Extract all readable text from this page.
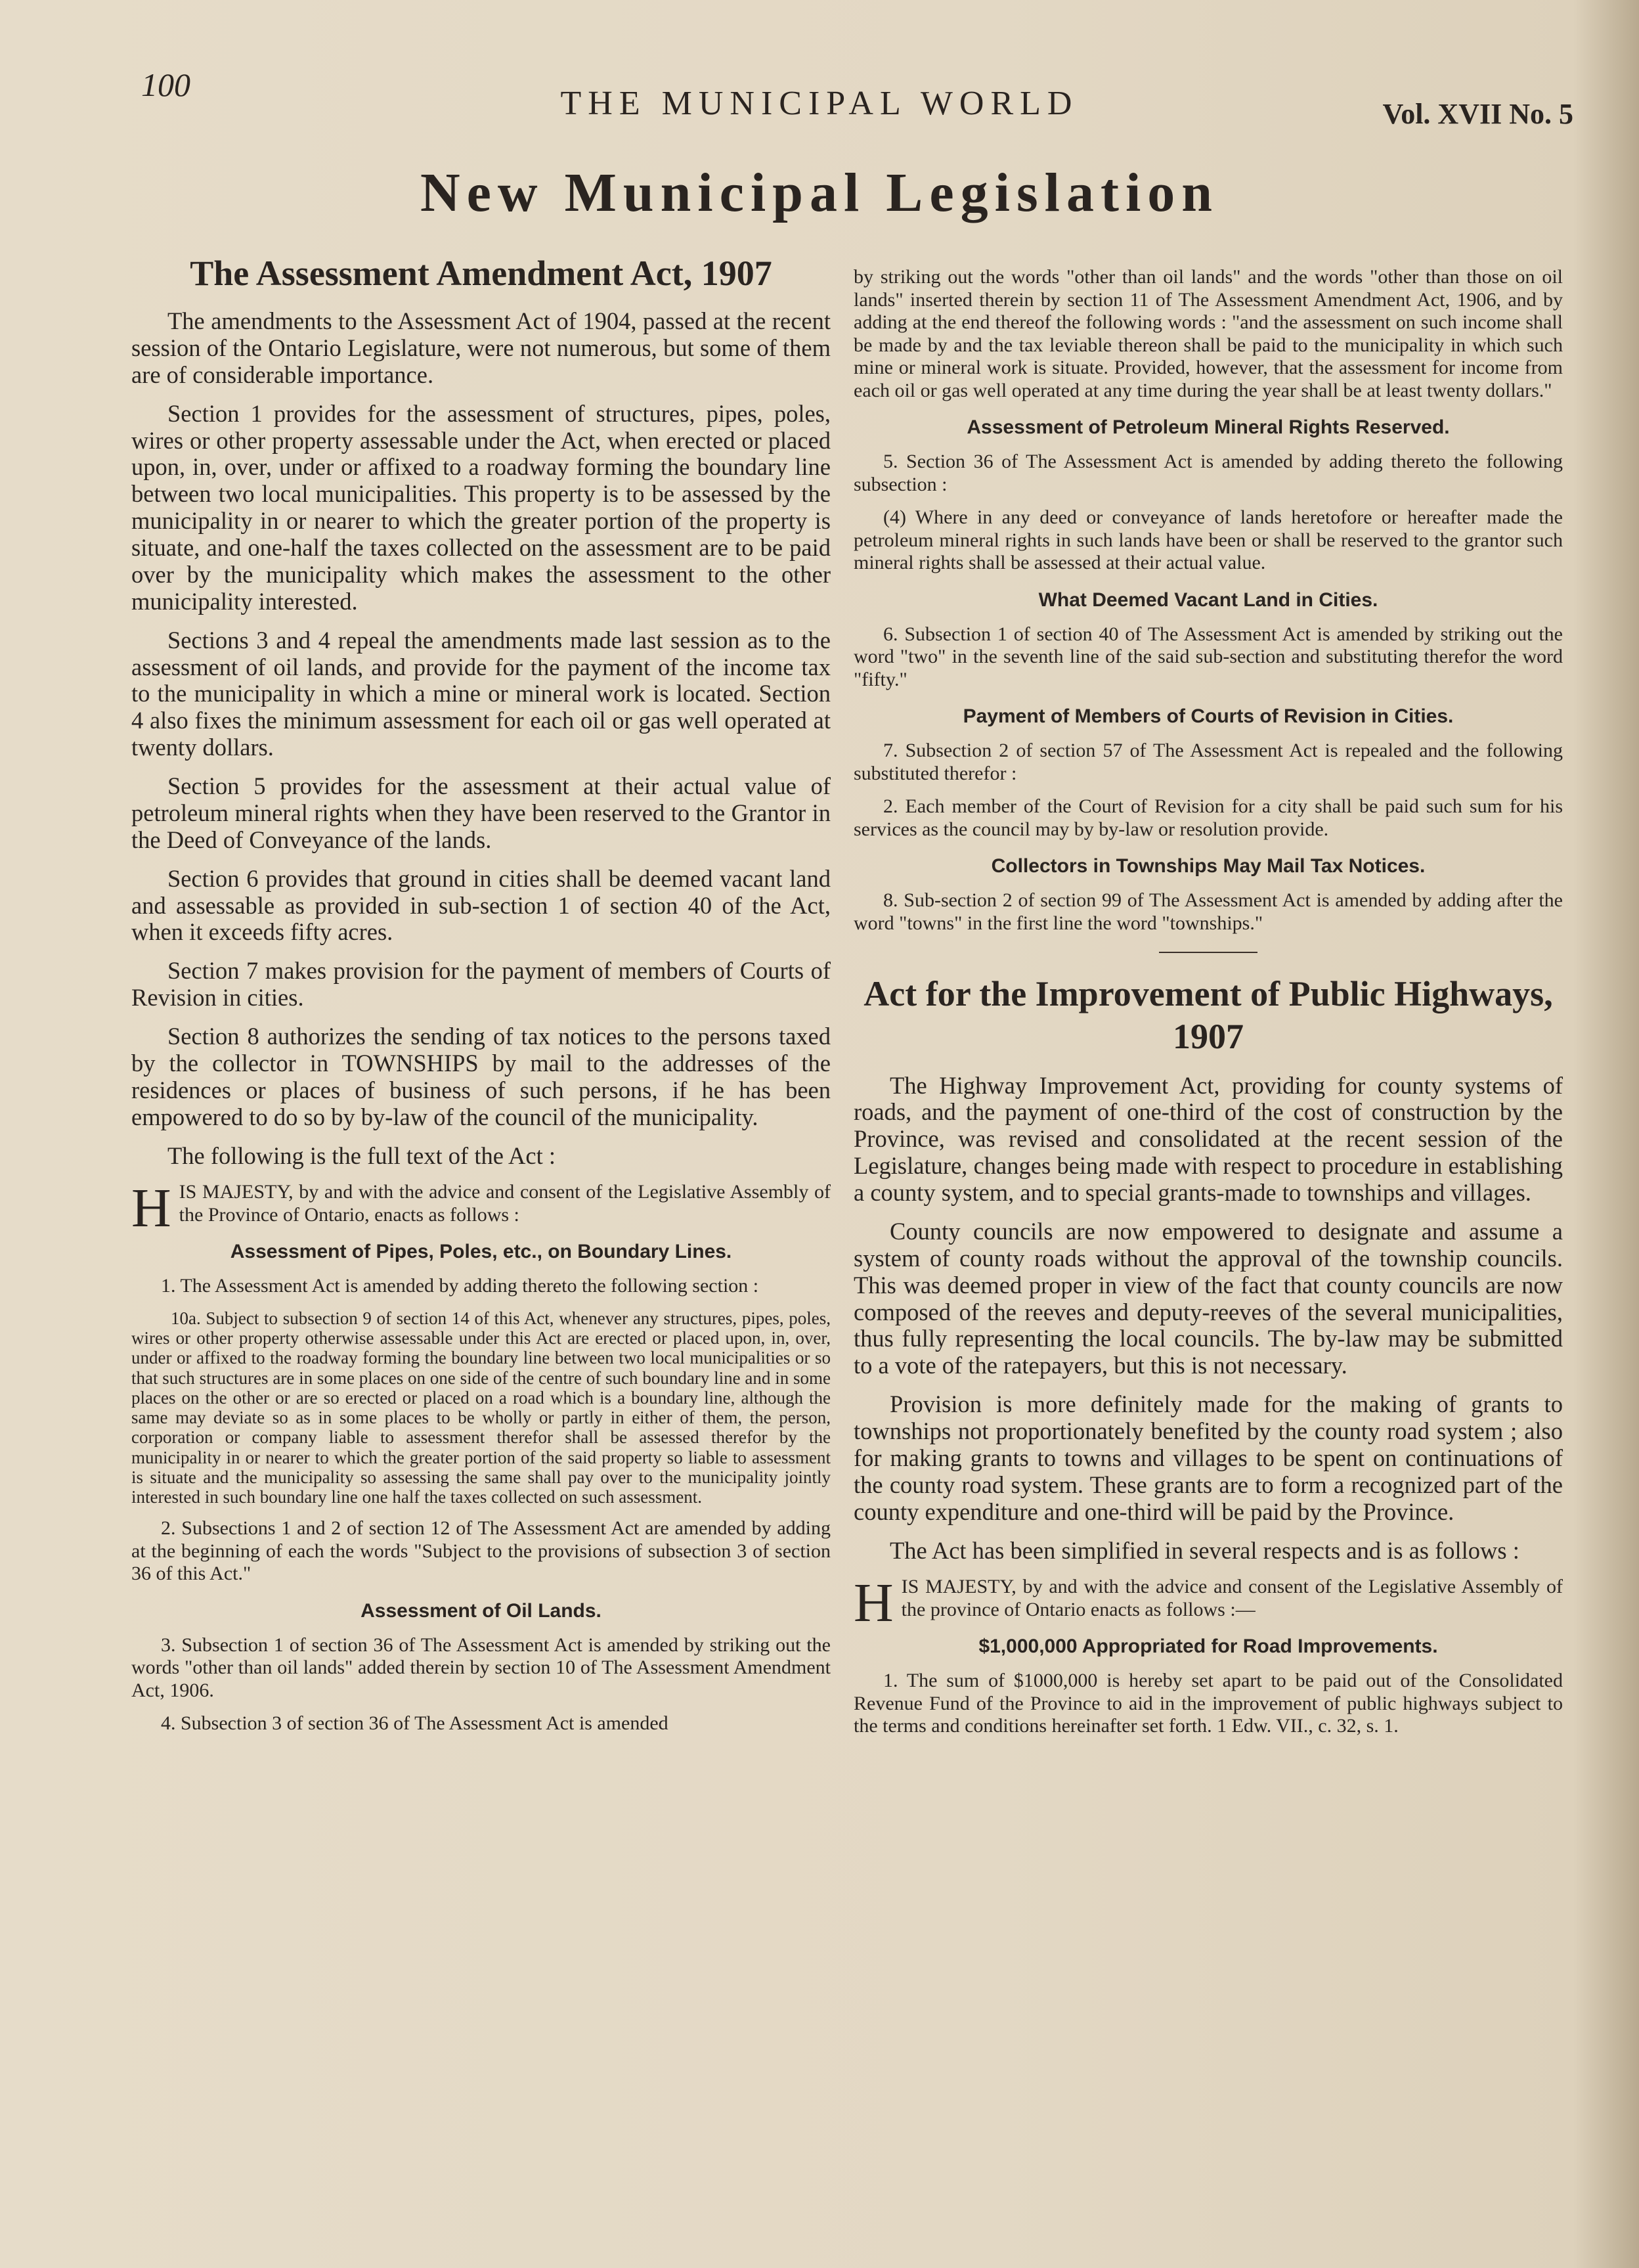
100	THE MUNICIPAL WORLD	Vol. XVII No. 5
New Municipal Legislation
The Assessment Amendment Act, 1907

The amendments to the Assessment Act of 1904, passed at the recent session of the Ontario Legislature, were not numerous, but some of them are of considerable importance.

Section 1 provides for the assessment of structures, pipes, poles, wires or other property assessable under the Act, when erected or placed upon, in, over, under or affixed to a roadway forming the boundary line between two local municipalities. This property is to be assessed by the municipality in or nearer to which the greater portion of the property is situate, and one-half the taxes collected on the assessment are to be paid over by the municipality which makes the assessment to the other municipality interested.

Sections 3 and 4 repeal the amendments made last session as to the assessment of oil lands, and provide for the payment of the income tax to the municipality in which a mine or mineral work is located. Section 4 also fixes the minimum assessment for each oil or gas well operated at twenty dollars.

Section 5 provides for the assessment at their actual value of petroleum mineral rights when they have been reserved to the Grantor in the Deed of Conveyance of the lands.

Section 6 provides that ground in cities shall be deemed vacant land and assessable as provided in sub-section 1 of section 40 of the Act, when it exceeds fifty acres.

Section 7 makes provision for the payment of members of Courts of Revision in cities.

Section 8 authorizes the sending of tax notices to the persons taxed by the collector in TOWNSHIPS by mail to the addresses of the residences or places of business of such persons, if he has been empowered to do so by by-law of the council of the municipality.

The following is the full text of the Act :

H IS MAJESTY, by and with the advice and consent of the Legislative Assembly of the Province of Ontario, enacts as follows :
Assessment of Pipes, Poles, etc., on Boundary Lines.

1. The Assessment Act is amended by adding thereto the following section :

10a. Subject to subsection 9 of section 14 of this Act, whenever any structures, pipes, poles, wires or other property otherwise assessable under this Act are erected or placed upon, in, over, under or affixed to the roadway forming the boundary line between two local municipalities or so that such structures are in some places on one side of the centre of such boundary line and in some places on the other or are so erected or placed on a road which is a boundary line, although the same may deviate so as in some places to be wholly or partly in either of them, the person, corporation or company liable to assessment therefor shall be assessed therefor by the municipality in or nearer to which the greater portion of the said property so liable to assessment is situate and the municipality so assessing the same shall pay over to the municipality jointly interested in such boundary line one half the taxes collected on such assessment.

2. Subsections 1 and 2 of section 12 of The Assessment Act are amended by adding at the beginning of each the words "Subject to the provisions of subsection 3 of section 36 of this Act."

Assessment of Oil Lands.

3. Subsection 1 of section 36 of The Assessment Act is amended by striking out the words "other than oil lands" added therein by section 10 of The Assessment Amendment Act, 1906.

4. Subsection 3 of section 36 of The Assessment Act is amended

by striking out the words "other than oil lands" and the words "other than those on oil lands" inserted therein by section 11 of The Assessment Amendment Act, 1906, and by adding at the end thereof the following words : "and the assessment on such income shall be made by and the tax leviable thereon shall be paid to the municipality in which such mine or mineral work is situate. Provided, however, that the assessment for income from each oil or gas well operated at any time during the year shall be at least twenty dollars."

Assessment of Petroleum Mineral Rights Reserved.

5. Section 36 of The Assessment Act is amended by adding thereto the following subsection :

(4) Where in any deed or conveyance of lands heretofore or hereafter made the petroleum mineral rights in such lands have been or shall be reserved to the grantor such mineral rights shall be assessed at their actual value.

What Deemed Vacant Land in Cities.

6. Subsection 1 of section 40 of The Assessment Act is amended by striking out the word "two" in the seventh line of the said sub-section and substituting therefor the word "fifty."

Payment of Members of Courts of Revision in Cities.

7. Subsection 2 of section 57 of The Assessment Act is repealed and the following substituted therefor :

2. Each member of the Court of Revision for a city shall be paid such sum for his services as the council may by by-law or resolution provide.

Collectors in Townships May Mail Tax Notices.

8. Sub-section 2 of section 99 of The Assessment Act is amended by adding after the word "towns" in the first line the word "townships."

Act for the Improvement of Public Highways, 1907

The Highway Improvement Act, providing for county systems of roads, and the payment of one-third of the cost of construction by the Province, was revised and consolidated at the recent session of the Legislature, changes being made with respect to procedure in establishing a county system, and to special grants-made to townships and villages.

County councils are now empowered to designate and assume a system of county roads without the approval of the township councils. This was deemed proper in view of the fact that county councils are now composed of the reeves and deputy-reeves of the several municipalities, thus fully representing the local councils. The by-law may be submitted to a vote of the ratepayers, but this is not necessary.

Provision is more definitely made for the making of grants to townships not proportionately benefited by the county road system ; also for making grants to towns and villages to be spent on continuations of the county road system. These grants are to form a recognized part of the county expenditure and one-third will be paid by the Province.

The Act has been simplified in several respects and is as follows :

H IS MAJESTY, by and with the advice and consent of the Legislative Assembly of the province of Ontario enacts as follows :—
$1,000,000 Appropriated for Road Improvements.

1. The sum of $1000,000 is hereby set apart to be paid out of the Consolidated Revenue Fund of the Province to aid in the improvement of public highways subject to the terms and conditions hereinafter set forth. 1 Edw. VII., c. 32, s. 1.
